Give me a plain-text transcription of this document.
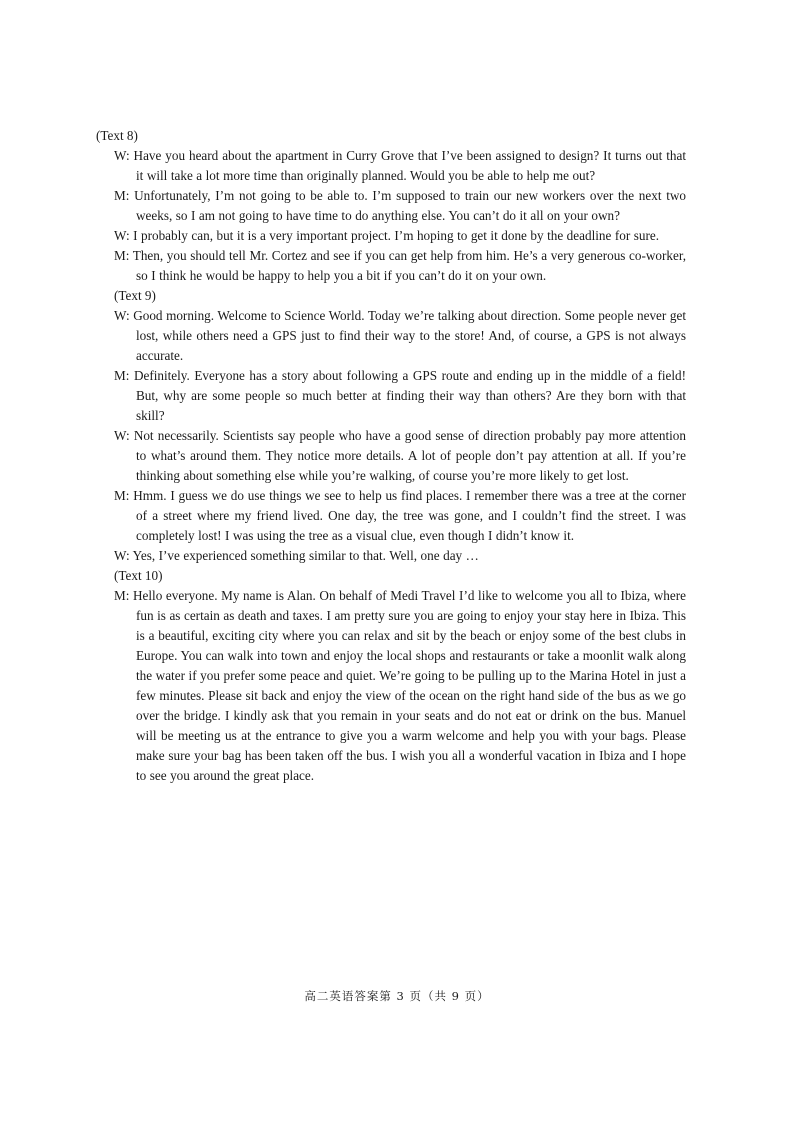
(Text 8)

W: Have you heard about the apartment in Curry Grove that I’ve been assigned to design? It turns out that it will take a lot more time than originally planned. Would you be able to help me out?

M: Unfortunately, I’m not going to be able to. I’m supposed to train our new workers over the next two weeks, so I am not going to have time to do anything else. You can’t do it all on your own?

W: I probably can, but it is a very important project. I’m hoping to get it done by the deadline for sure.

M: Then, you should tell Mr. Cortez and see if you can get help from him. He’s a very generous co-worker, so I think he would be happy to help you a bit if you can’t do it on your own.

(Text 9)

W: Good morning. Welcome to Science World. Today we’re talking about direction. Some people never get lost, while others need a GPS just to find their way to the store! And, of course, a GPS is not always accurate.

M: Definitely. Everyone has a story about following a GPS route and ending up in the middle of a field! But, why are some people so much better at finding their way than others? Are they born with that skill?

W: Not necessarily. Scientists say people who have a good sense of direction probably pay more attention to what’s around them. They notice more details. A lot of people don’t pay attention at all. If you’re thinking about something else while you’re walking, of course you’re more likely to get lost.

M: Hmm. I guess we do use things we see to help us find places. I remember there was a tree at the corner of a street where my friend lived. One day, the tree was gone, and I couldn’t find the street. I was completely lost! I was using the tree as a visual clue, even though I didn’t know it.

W: Yes, I’ve experienced something similar to that. Well, one day …

(Text 10)

M: Hello everyone. My name is Alan. On behalf of Medi Travel I’d like to welcome you all to Ibiza, where fun is as certain as death and taxes. I am pretty sure you are going to enjoy your stay here in Ibiza. This is a beautiful, exciting city where you can relax and sit by the beach or enjoy some of the best clubs in Europe. You can walk into town and enjoy the local shops and restaurants or take a moonlit walk along the water if you prefer some peace and quiet. We’re going to be pulling up to the Marina Hotel in just a few minutes. Please sit back and enjoy the view of the ocean on the right hand side of the bus as we go over the bridge. I kindly ask that you remain in your seats and do not eat or drink on the bus. Manuel will be meeting us at the entrance to give you a warm welcome and help you with your bags. Please make sure your bag has been taken off the bus. I wish you all a wonderful vacation in Ibiza and I hope to see you around the great place.

高二英语答案第 3 页（共 9 页）
